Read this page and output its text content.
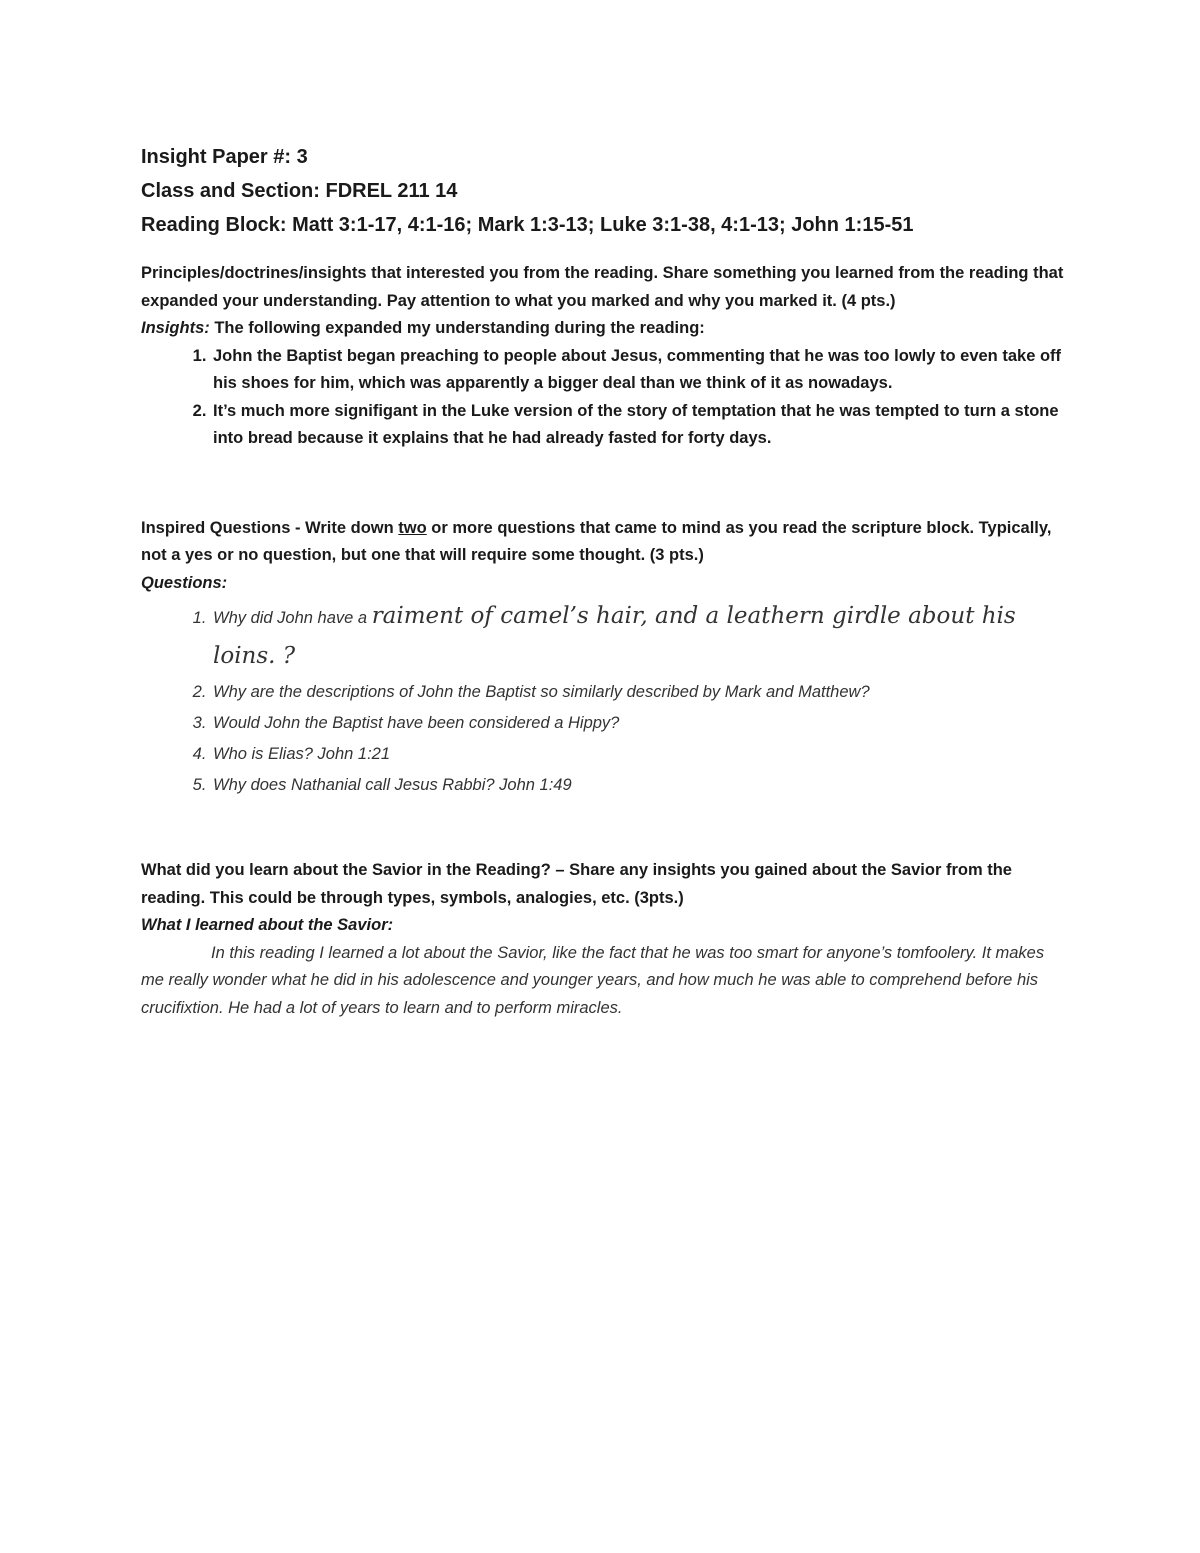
Insight Paper #: 3
Class and Section: FDREL 211 14
Reading Block: Matt 3:1-17, 4:1-16; Mark 1:3-13; Luke 3:1-38, 4:1-13; John 1:15-51
Principles/doctrines/insights that interested you from the reading. Share something you learned from the reading that expanded your understanding. Pay attention to what you marked and why you marked it. (4 pts.)
Insights: The following expanded my understanding during the reading:
1. John the Baptist began preaching to people about Jesus, commenting that he was too lowly to even take off his shoes for him, which was apparently a bigger deal than we think of it as nowadays.
2. It’s much more signifigant in the Luke version of the story of temptation that he was tempted to turn a stone into bread because it explains that he had already fasted for forty days.
Inspired Questions - Write down two or more questions that came to mind as you read the scripture block. Typically, not a yes or no question, but one that will require some thought. (3 pts.)
Questions:
1. Why did John have a raiment of camel’s hair, and a leathern girdle about his loins. ?
2. Why are the descriptions of John the Baptist so similarly described by Mark and Matthew?
3. Would John the Baptist have been considered a Hippy?
4. Who is Elias? John 1:21
5. Why does Nathanial call Jesus Rabbi? John 1:49
What did you learn about the Savior in the Reading? – Share any insights you gained about the Savior from the reading. This could be through types, symbols, analogies, etc. (3pts.)
What I learned about the Savior:

In this reading I learned a lot about the Savior, like the fact that he was too smart for anyone’s tomfoolery. It makes me really wonder what he did in his adolescence and younger years, and how much he was able to comprehend before his crucifixtion. He had a lot of years to learn and to perform miracles.
